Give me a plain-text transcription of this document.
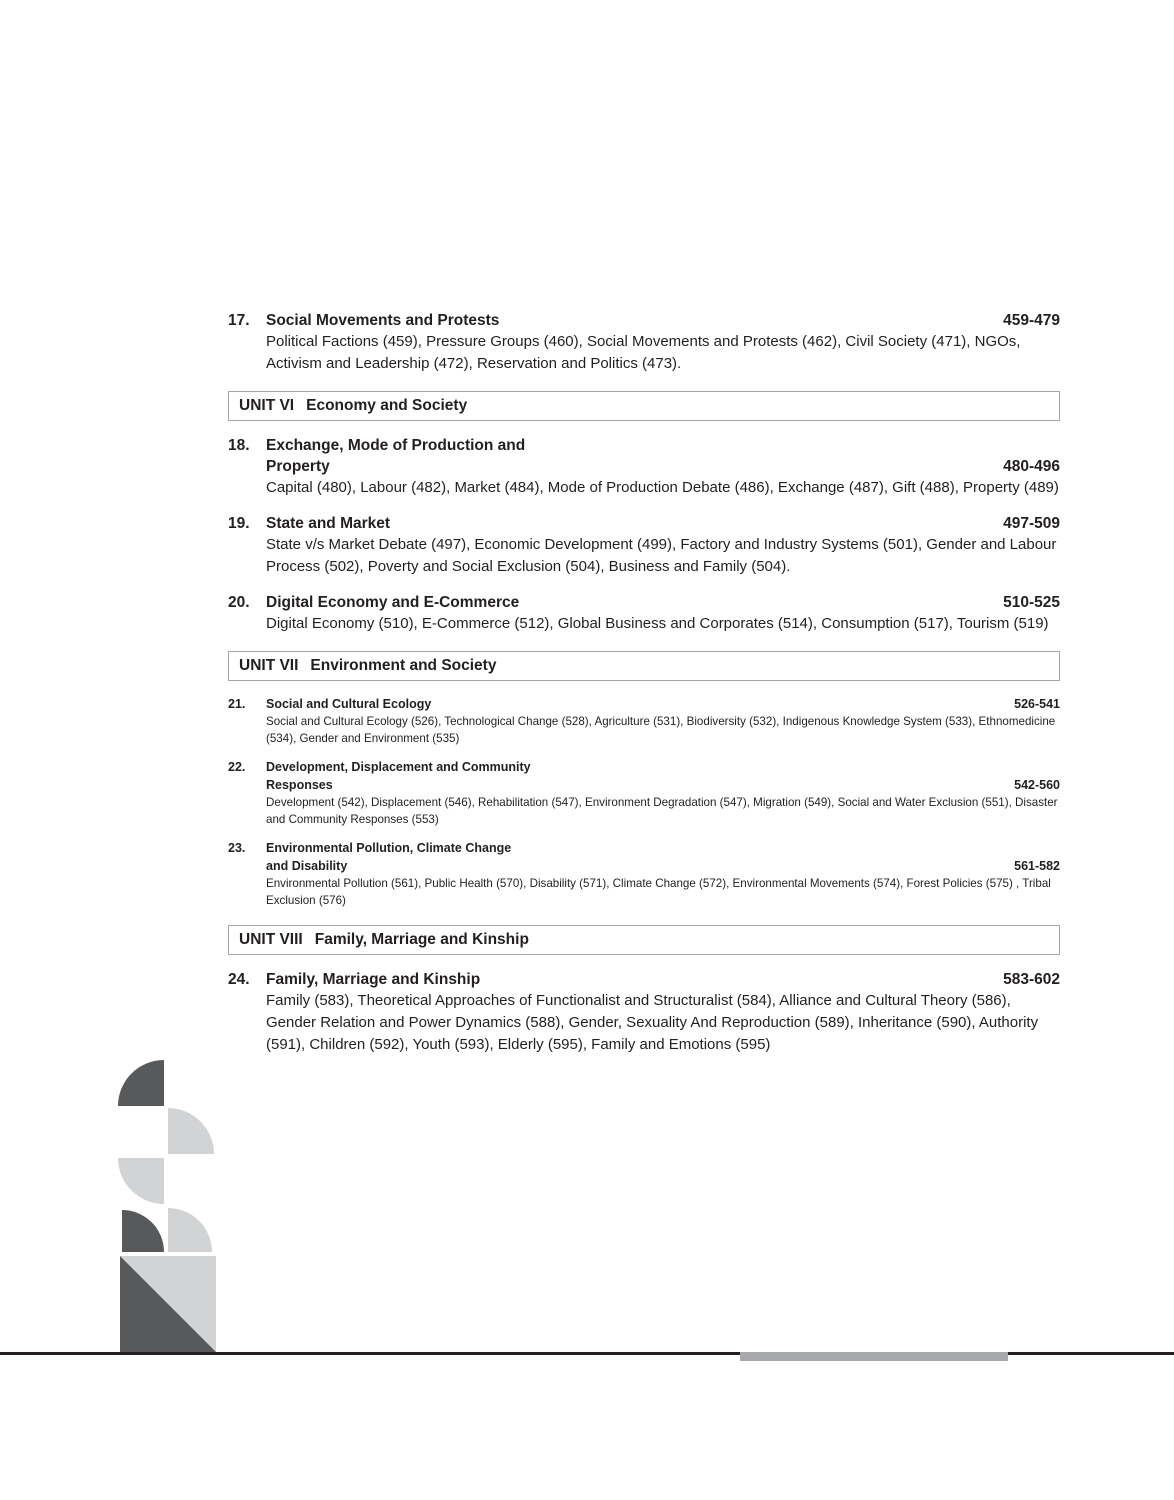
17.	Social Movements and Protests	459-479
Political Factions (459), Pressure Groups (460), Social Movements and Protests (462), Civil Society (471), NGOs, Activism and Leadership (472), Reservation and Politics (473).
UNIT VI Economy and Society
18.	Exchange, Mode of Production and
Property	480-496
Capital (480), Labour (482), Market (484), Mode of Production Debate (486), Exchange (487), Gift (488), Property (489)
19.	State and Market	497-509
State v/s Market Debate (497), Economic Development (499), Factory and Industry Systems (501), Gender and Labour Process (502), Poverty and Social Exclusion (504), Business and Family (504).
20.	Digital Economy and E-Commerce	510-525
Digital Economy (510), E-Commerce (512), Global Business and Corporates (514), Consumption (517), Tourism (519)
UNIT VII Environment and Society
21.	Social and Cultural Ecology	526-541
Social and Cultural Ecology (526), Technological Change (528), Agriculture (531), Biodiversity (532), Indigenous Knowledge System (533), Ethnomedicine (534), Gender and Environment (535)
22.	Development, Displacement and Community
Responses	542-560
Development (542), Displacement (546), Rehabilitation (547), Environment Degradation (547), Migration (549), Social and Water Exclusion (551), Disaster and Community Responses (553)
23.	Environmental Pollution, Climate Change
and Disability	561-582
Environmental Pollution (561), Public Health (570), Disability (571), Climate Change (572), Environmental Movements (574), Forest Policies (575) , Tribal Exclusion (576)
UNIT VIII Family, Marriage and Kinship
24.	Family, Marriage and Kinship	583-602
Family (583), Theoretical Approaches of Functionalist and Structuralist (584), Alliance and Cultural Theory (586), Gender Relation and Power Dynamics (588), Gender, Sexuality And Reproduction (589), Inheritance (590), Authority (591), Children (592), Youth (593), Elderly (595), Family and Emotions (595)
